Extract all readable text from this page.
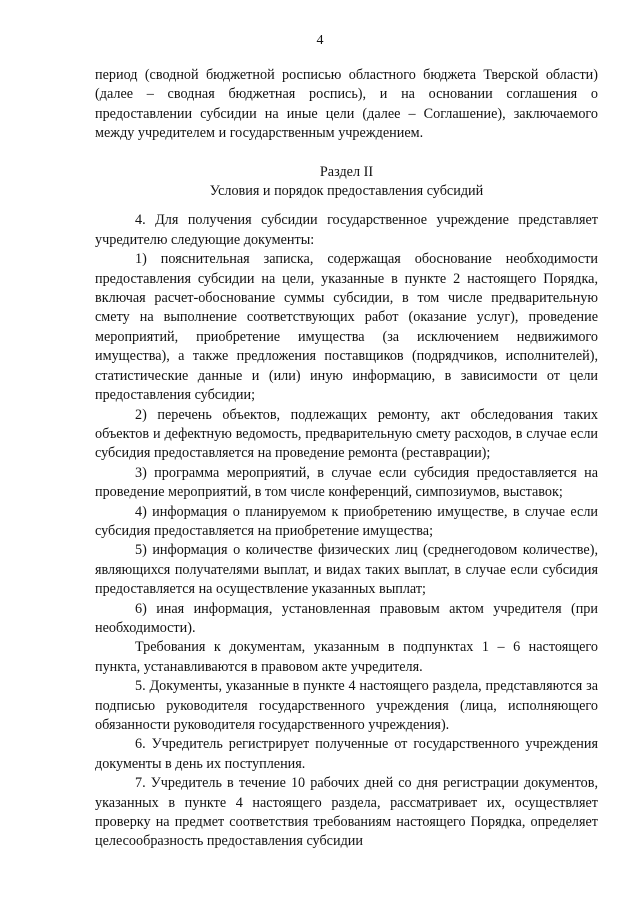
4

период (сводной бюджетной росписью областного бюджета Тверской области) (далее – сводная бюджетная роспись), и на основании соглашения о предоставлении субсидии на иные цели (далее – Соглашение), заключаемого между учредителем и государственным учреждением.

Раздел II

Условия и порядок предоставления субсидий

4. Для получения субсидии государственное учреждение представляет учредителю следующие документы:

1) пояснительная записка, содержащая обоснование необходимости предоставления субсидии на цели, указанные в пункте 2 настоящего Порядка, включая расчет-обоснование суммы субсидии, в том числе предварительную смету на выполнение соответствующих работ (оказание услуг), проведение мероприятий, приобретение имущества (за исключением недвижимого имущества), а также предложения поставщиков (подрядчиков, исполнителей), статистические данные и (или) иную информацию, в зависимости от цели предоставления субсидии;

2) перечень объектов, подлежащих ремонту, акт обследования таких объектов и дефектную ведомость, предварительную смету расходов, в случае если субсидия предоставляется на проведение ремонта (реставрации);

3) программа мероприятий, в случае если субсидия предоставляется на проведение мероприятий, в том числе конференций, симпозиумов, выставок;

4) информация о планируемом к приобретению имуществе, в случае если субсидия предоставляется на приобретение имущества;

5) информация о количестве физических лиц (среднегодовом количестве), являющихся получателями выплат, и видах таких выплат, в случае если субсидия предоставляется на осуществление указанных выплат;

6) иная информация, установленная правовым актом учредителя (при необходимости).

Требования к документам, указанным в подпунктах 1 – 6 настоящего пункта, устанавливаются в правовом акте учредителя.

5. Документы, указанные в пункте 4 настоящего раздела, представляются за подписью руководителя государственного учреждения (лица, исполняющего обязанности руководителя государственного учреждения).

6. Учредитель регистрирует полученные от государственного учреждения документы в день их поступления.

7. Учредитель в течение 10 рабочих дней со дня регистрации документов, указанных в пункте 4 настоящего раздела, рассматривает их, осуществляет проверку на предмет соответствия требованиям настоящего Порядка, определяет целесообразность предоставления субсидии
